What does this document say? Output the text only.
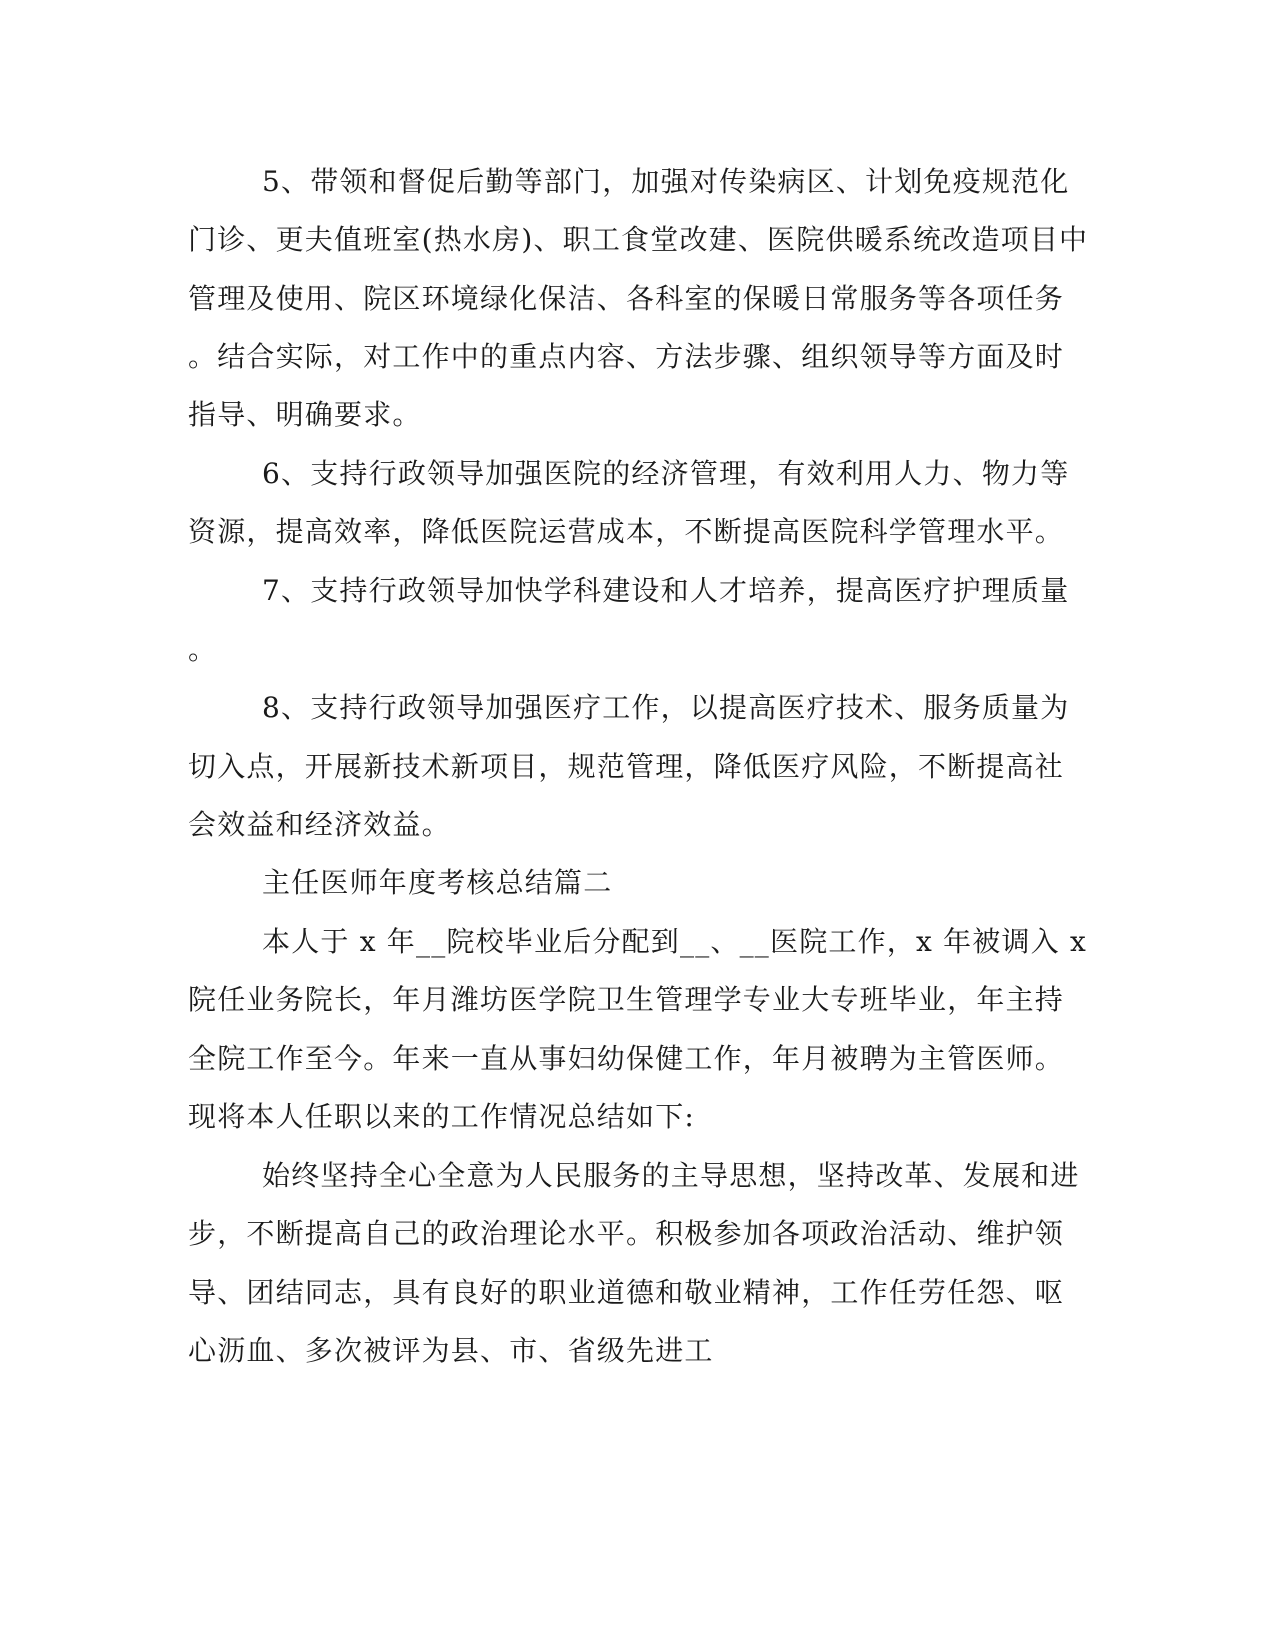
5、带领和督促后勤等部门，加强对传染病区、计划免疫规范化
门诊、更夫值班室(热水房)、职工食堂改建、医院供暖系统改造项目中
管理及使用、院区环境绿化保洁、各科室的保暖日常服务等各项任务
。结合实际，对工作中的重点内容、方法步骤、组织领导等方面及时
指导、明确要求。
6、支持行政领导加强医院的经济管理，有效利用人力、物力等
资源，提高效率，降低医院运营成本，不断提高医院科学管理水平。
7、支持行政领导加快学科建设和人才培养，提高医疗护理质量
。
8、支持行政领导加强医疗工作，以提高医疗技术、服务质量为
切入点，开展新技术新项目，规范管理，降低医疗风险，不断提高社
会效益和经济效益。
主任医师年度考核总结篇二
本人于 x 年__院校毕业后分配到__、__医院工作，x 年被调入 x
院任业务院长，年月潍坊医学院卫生管理学专业大专班毕业，年主持
全院工作至今。年来一直从事妇幼保健工作，年月被聘为主管医师。
现将本人任职以来的工作情况总结如下:
始终坚持全心全意为人民服务的主导思想，坚持改革、发展和进
步，不断提高自己的政治理论水平。积极参加各项政治活动、维护领
导、团结同志，具有良好的职业道德和敬业精神，工作任劳任怨、呕
心沥血、多次被评为县、市、省级先进工
